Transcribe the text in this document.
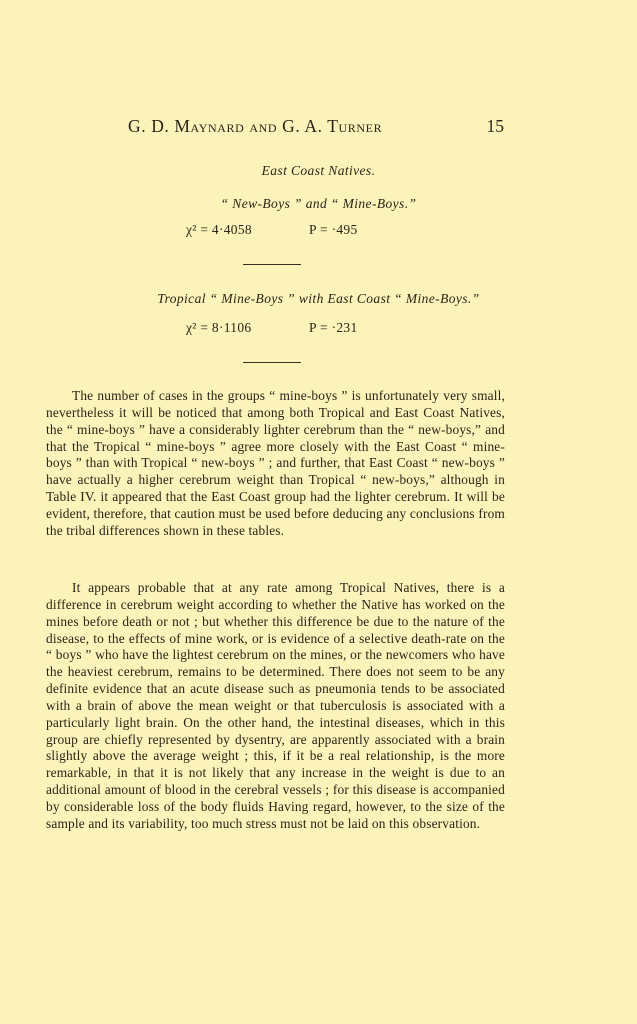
G. D. Maynard and G. A. Turner	15
East Coast Natives.
“ New-Boys ” and “ Mine-Boys.”
χ² = 4·4058	P = ·495
Tropical “ Mine-Boys ” with East Coast “ Mine-Boys.”
χ² = 8·1106	P = ·231

The number of cases in the groups “ mine-boys ” is unfortunately very small, nevertheless it will be noticed that among both Tropical and East Coast Natives, the “ mine-boys ” have a considerably lighter cerebrum than the “ new-boys,” and that the Tropical “ mine-boys ” agree more closely with the East Coast “ mine-boys ” than with Tropical “ new-boys ” ; and further, that East Coast “ new-boys ” have actually a higher cerebrum weight than Tropical “ new-boys,” although in Table IV. it appeared that the East Coast group had the lighter cerebrum. It will be evident, therefore, that caution must be used before deducing any conclusions from the tribal differences shown in these tables.

It appears probable that at any rate among Tropical Natives, there is a difference in cerebrum weight according to whether the Native has worked on the mines before death or not ; but whether this difference be due to the nature of the disease, to the effects of mine work, or is evidence of a selective death-rate on the “ boys ” who have the lightest cerebrum on the mines, or the newcomers who have the heaviest cerebrum, remains to be determined. There does not seem to be any definite evidence that an acute disease such as pneumonia tends to be associated with a brain of above the mean weight or that tuberculosis is associated with a particularly light brain. On the other hand, the intestinal diseases, which in this group are chiefly represented by dysentry, are apparently associated with a brain slightly above the average weight ; this, if it be a real relationship, is the more remarkable, in that it is not likely that any increase in the weight is due to an additional amount of blood in the cerebral vessels ; for this disease is accompanied by considerable loss of the body fluids Having regard, however, to the size of the sample and its variability, too much stress must not be laid on this observation.
